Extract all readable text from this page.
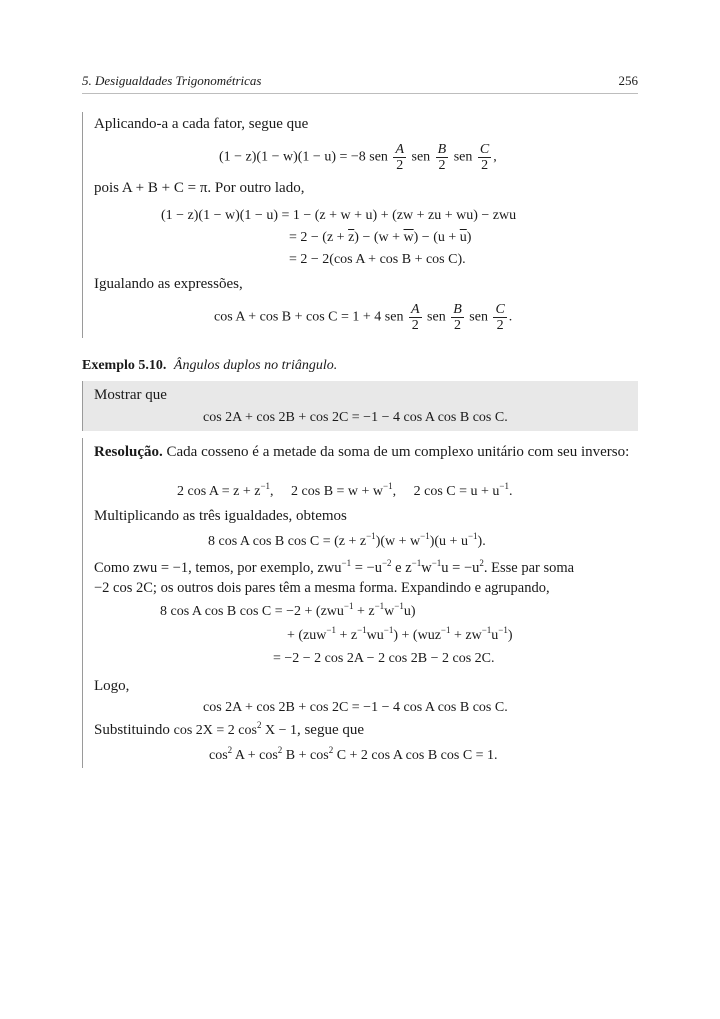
5. Desigualdades Trigonométricas	256
Aplicando-a a cada fator, segue que
(1 − z)(1 − w)(1 − u) = −8 sen $\frac{A}{2}$ sen $\frac{B}{2}$ sen $\frac{C}{2}$ ,
pois A + B + C = π. Por outro lado,
(1 − z)(1 − w)(1 − u) = 1 − (z + w + u) + (zw + zu + wu) − zwu
= $2 - (z + \overline{z}) - (w + \overline{w}) - (u + \overline{u})$
= 2 − 2(cos A + cos B + cos C).
Igualando as expressões,
cos A + cos B + cos C = 1 + 4 sen $\frac{A}{2}$ sen $\frac{B}{2}$ sen $\frac{C}{2}$ .
Exemplo 5.10. Ângulos duplos no triângulo.
Mostrar que
cos 2A + cos 2B + cos 2C = −1 − 4 cos A cos B cos C.
Resolução. Cada cosseno é a metade da soma de um complexo unitário com seu inverso:
2 $\cos A = z + z^{-1}$,     2 $\cos B = w + w^{-1}$,     2 $\cos C = u + u^{-1}$.
Multiplicando as três igualdades, obtemos
8 cos A cos B $\cos C = (z + z^{-1})(w + w^{-1})(u + u^{-1})$.
Como zwu = −1, temos, por exemplo, $zwu^{-1} = -u^{-2}$ e $z^{-1}w^{-1}u = -u^2$. Esse par soma
−2 cos 2C; os outros dois pares têm a mesma forma. Expandindo e agrupando,
8 cos A cos B $\cos C = -2 + (zwu^{-1} + z^{-1}w^{-1}u)$
+ $(zuw^{-1} + z^{-1}wu^{-1}) + (wuz^{-1} + zw^{-1}u^{-1})$
= −2 − 2 cos 2A − 2 cos 2B − 2 cos 2C.
Logo,
cos 2A + cos 2B + cos 2C = −1 − 4 cos A cos B cos C.
Substituindo cos 2X = 2 $\cos^2 X - 1$, segue que
$\cos^2 A + \cos^2 B + \cos^2 C + 2$ cos A cos B cos C = 1.
